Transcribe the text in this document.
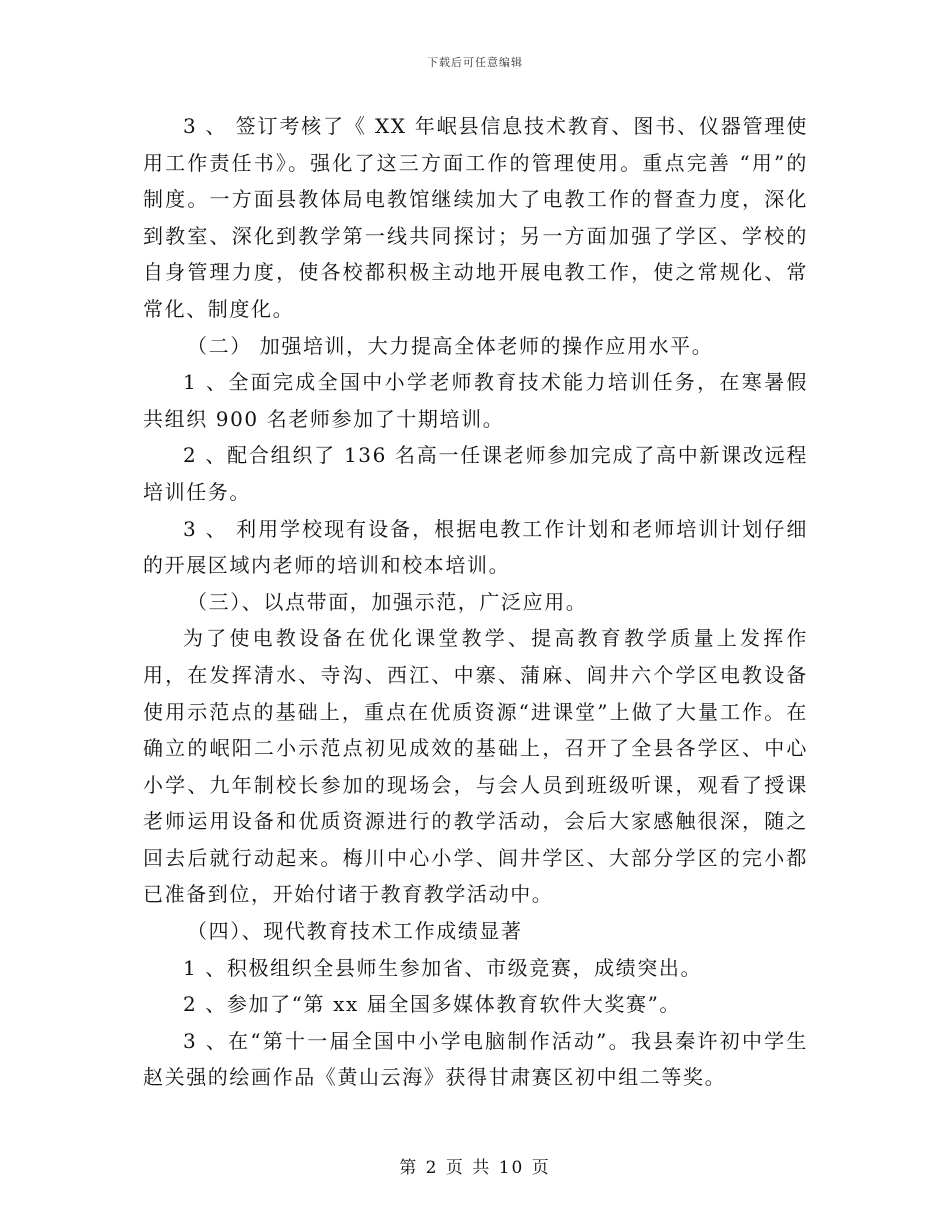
下载后可任意编辑

3 、 签订考核了《 XX 年岷县信息技术教育、图书、仪器管理使用工作责任书》。强化了这三方面工作的管理使用。重点完善 “用”的制度。一方面县教体局电教馆继续加大了电教工作的督查力度，深化到教室、深化到教学第一线共同探讨；另一方面加强了学区、学校的自身管理力度，使各校都积极主动地开展电教工作，使之常规化、常常化、制度化。

（二） 加强培训，大力提高全体老师的操作应用水平。

1 、全面完成全国中小学老师教育技术能力培训任务，在寒暑假共组织 900 名老师参加了十期培训。

2 、配合组织了 136 名高一任课老师参加完成了高中新课改远程培训任务。

3 、 利用学校现有设备，根据电教工作计划和老师培训计划仔细的开展区域内老师的培训和校本培训。

（三）、以点带面，加强示范，广泛应用。

为了使电教设备在优化课堂教学、提高教育教学质量上发挥作用，在发挥清水、寺沟、西江、中寨、蒲麻、闾井六个学区电教设备使用示范点的基础上，重点在优质资源“进课堂”上做了大量工作。在确立的岷阳二小示范点初见成效的基础上，召开了全县各学区、中心小学、九年制校长参加的现场会，与会人员到班级听课，观看了授课老师运用设备和优质资源进行的教学活动，会后大家感触很深，随之回去后就行动起来。梅川中心小学、闾井学区、大部分学区的完小都已准备到位，开始付诸于教育教学活动中。

（四）、现代教育技术工作成绩显著

1 、积极组织全县师生参加省、市级竞赛，成绩突出。

2 、参加了“第 xx 届全国多媒体教育软件大奖赛”。

3 、在“第十一届全国中小学电脑制作活动”。我县秦许初中学生赵关强的绘画作品《黄山云海》获得甘肃赛区初中组二等奖。

第 2 页 共 10 页
